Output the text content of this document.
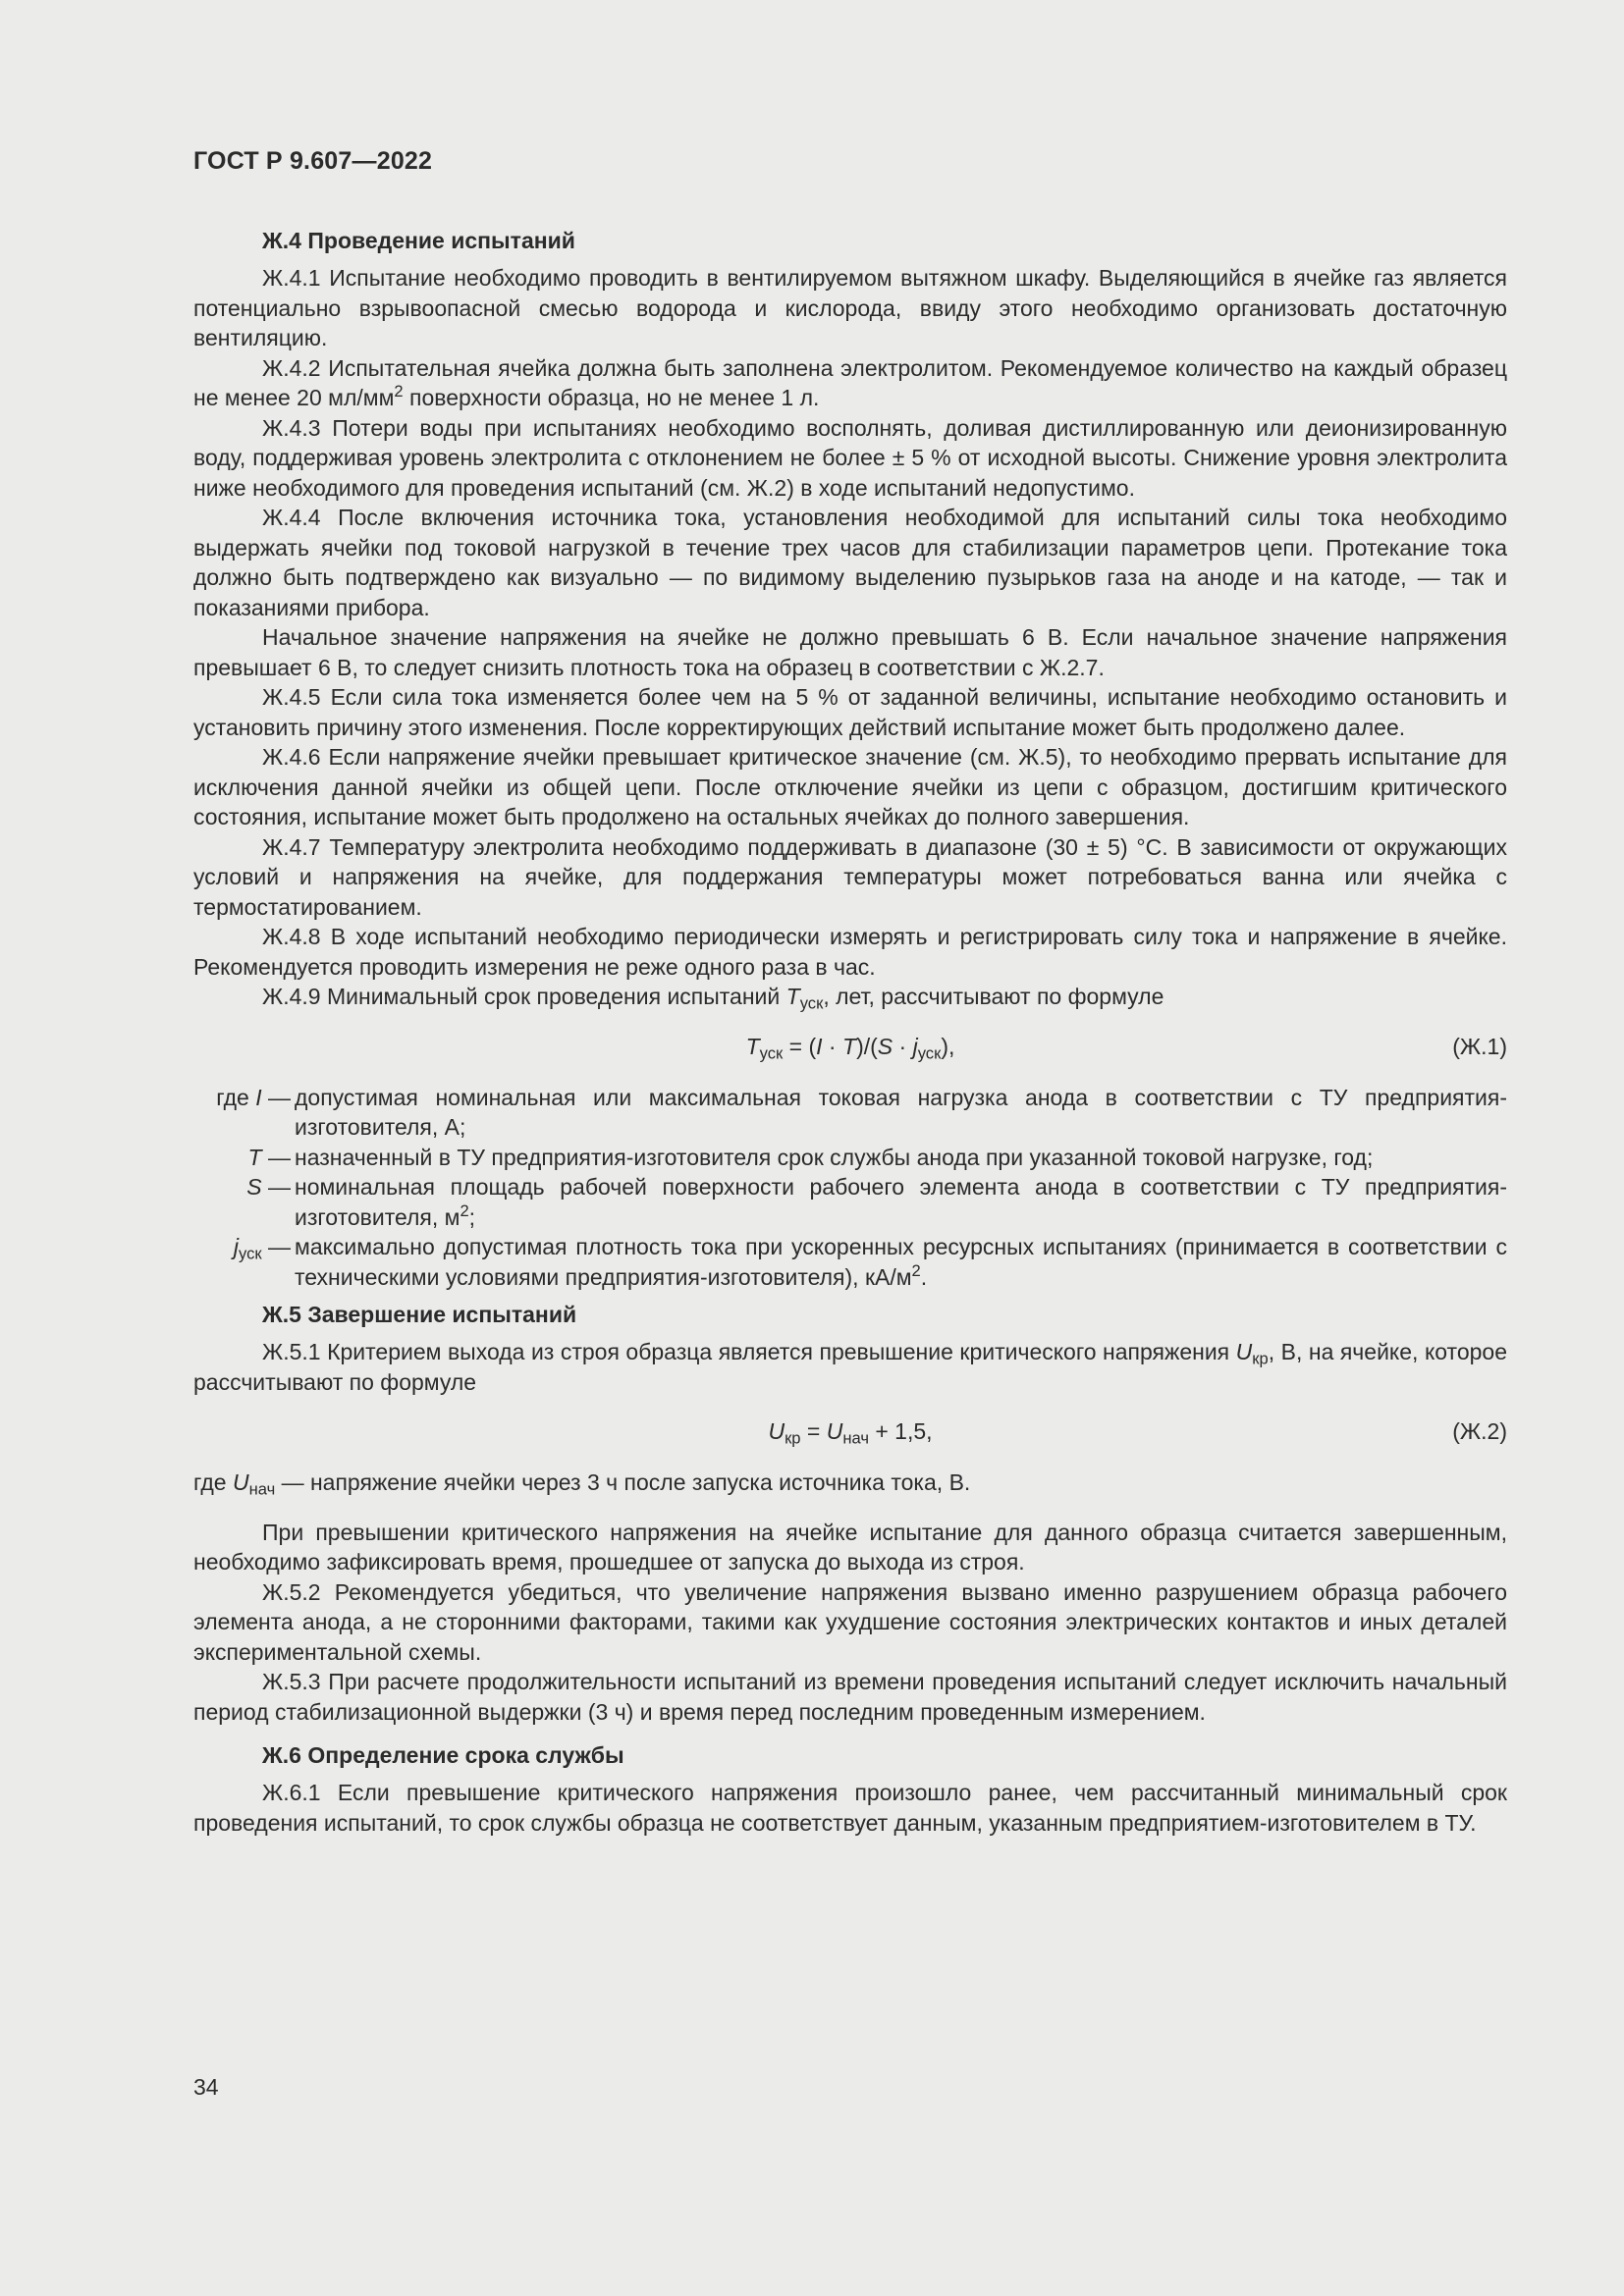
ГОСТ Р 9.607—2022

Ж.4 Проведение испытаний

Ж.4.1 Испытание необходимо проводить в вентилируемом вытяжном шкафу. Выделяющийся в ячейке газ является потенциально взрывоопасной смесью водорода и кислорода, ввиду этого необходимо организовать достаточную вентиляцию.

Ж.4.2 Испытательная ячейка должна быть заполнена электролитом. Рекомендуемое количество на каждый образец не менее 20 $мл/мм^2$ поверхности образца, но не менее 1 л.

Ж.4.3 Потери воды при испытаниях необходимо восполнять, доливая дистиллированную или деионизированную воду, поддерживая уровень электролита с отклонением не более ± 5 % от исходной высоты. Снижение уровня электролита ниже необходимого для проведения испытаний (см. Ж.2) в ходе испытаний недопустимо.

Ж.4.4 После включения источника тока, установления необходимой для испытаний силы тока необходимо выдержать ячейки под токовой нагрузкой в течение трех часов для стабилизации параметров цепи. Протекание тока должно быть подтверждено как визуально — по видимому выделению пузырьков газа на аноде и на катоде, — так и показаниями прибора.

Начальное значение напряжения на ячейке не должно превышать 6 В. Если начальное значение напряжения превышает 6 В, то следует снизить плотность тока на образец в соответствии с Ж.2.7.

Ж.4.5 Если сила тока изменяется более чем на 5 % от заданной величины, испытание необходимо остановить и установить причину этого изменения. После корректирующих действий испытание может быть продолжено далее.

Ж.4.6 Если напряжение ячейки превышает критическое значение (см. Ж.5), то необходимо прервать испытание для исключения данной ячейки из общей цепи. После отключение ячейки из цепи с образцом, достигшим критического состояния, испытание может быть продолжено на остальных ячейках до полного завершения.

Ж.4.7 Температуру электролита необходимо поддерживать в диапазоне (30 ± 5) °С. В зависимости от окружающих условий и напряжения на ячейке, для поддержания температуры может потребоваться ванна или ячейка с термостатированием.

Ж.4.8 В ходе испытаний необходимо периодически измерять и регистрировать силу тока и напряжение в ячейке. Рекомендуется проводить измерения не реже одного раза в час.

Ж.4.9 Минимальный срок проведения испытаний $T_{уск}$, лет, рассчитывают по формуле

$T_{уск} = (I \cdot T)/(S \cdot j_{уск})$,	(Ж.1)
где I — допустимая номинальная или максимальная токовая нагрузка анода в соответствии с ТУ предприятия-изготовителя, А;
T — назначенный в ТУ предприятия-изготовителя срок службы анода при указанной токовой нагрузке, год;
S — номинальная площадь рабочей поверхности рабочего элемента анода в соответствии с ТУ предприятия-изготовителя, $м^2$;
$j_{уск}$ — максимально допустимая плотность тока при ускоренных ресурсных испытаниях (принимается в соответствии с техническими условиями предприятия-изготовителя), $кА/м^2$.

Ж.5 Завершение испытаний

Ж.5.1 Критерием выхода из строя образца является превышение критического напряжения $U_{кр}$, В, на ячейке, которое рассчитывают по формуле

$U_{кр} = U_{нач} + 1,5$,	(Ж.2)

где $U_{нач}$ — напряжение ячейки через 3 ч после запуска источника тока, В.

При превышении критического напряжения на ячейке испытание для данного образца считается завершенным, необходимо зафиксировать время, прошедшее от запуска до выхода из строя.

Ж.5.2 Рекомендуется убедиться, что увеличение напряжения вызвано именно разрушением образца рабочего элемента анода, а не сторонними факторами, такими как ухудшение состояния электрических контактов и иных деталей экспериментальной схемы.

Ж.5.3 При расчете продолжительности испытаний из времени проведения испытаний следует исключить начальный период стабилизационной выдержки (3 ч) и время перед последним проведенным измерением.

Ж.6 Определение срока службы

Ж.6.1 Если превышение критического напряжения произошло ранее, чем рассчитанный минимальный срок проведения испытаний, то срок службы образца не соответствует данным, указанным предприятием-изготовителем в ТУ.

34
